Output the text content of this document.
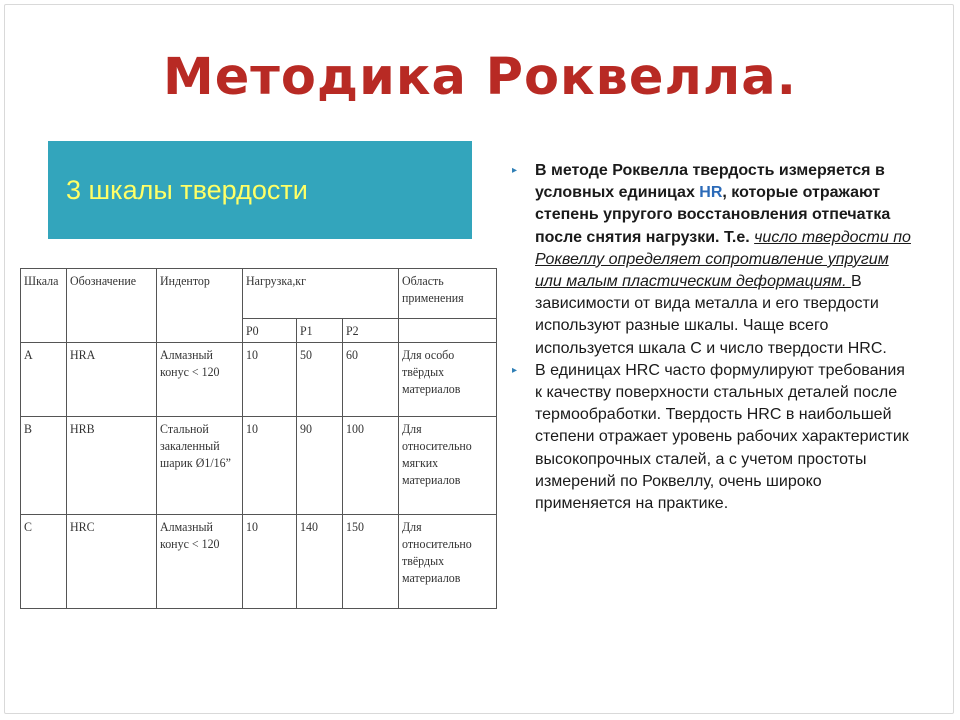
Методика Роквелла.
3 шкалы твердости
Шкала	Обозначение	Индентор	Нагрузка,кг			Область применения
			Р0	Р1	Р2	
А	НRА	Алмазный конус < 120	10	50	60	Для особо твёрдых материалов
В	НRВ	Стальной закаленный шарик Ø1/16”	10	90	100	Для относительно мягких материалов
С	НRC	Алмазный конус < 120	10	140	150	Для относительно твёрдых материалов
▸ В методе Роквелла твердость измеряется в условных единицах HR, которые отражают степень упругого восстановления отпечатка после снятия нагрузки. Т.е. число твердости по Роквеллу определяет сопротивление упругим или малым пластическим деформациям. В зависимости от вида металла и его твердости используют разные шкалы. Чаще всего используется шкала С и число твердости HRC.
▸ В единицах HRC часто формулируют требования к качеству поверхности стальных деталей после термообработки. Твердость HRC в наибольшей степени отражает уровень рабочих характеристик высокопрочных сталей, а с учетом простоты измерений по Роквеллу, очень широко применяется на практике.
